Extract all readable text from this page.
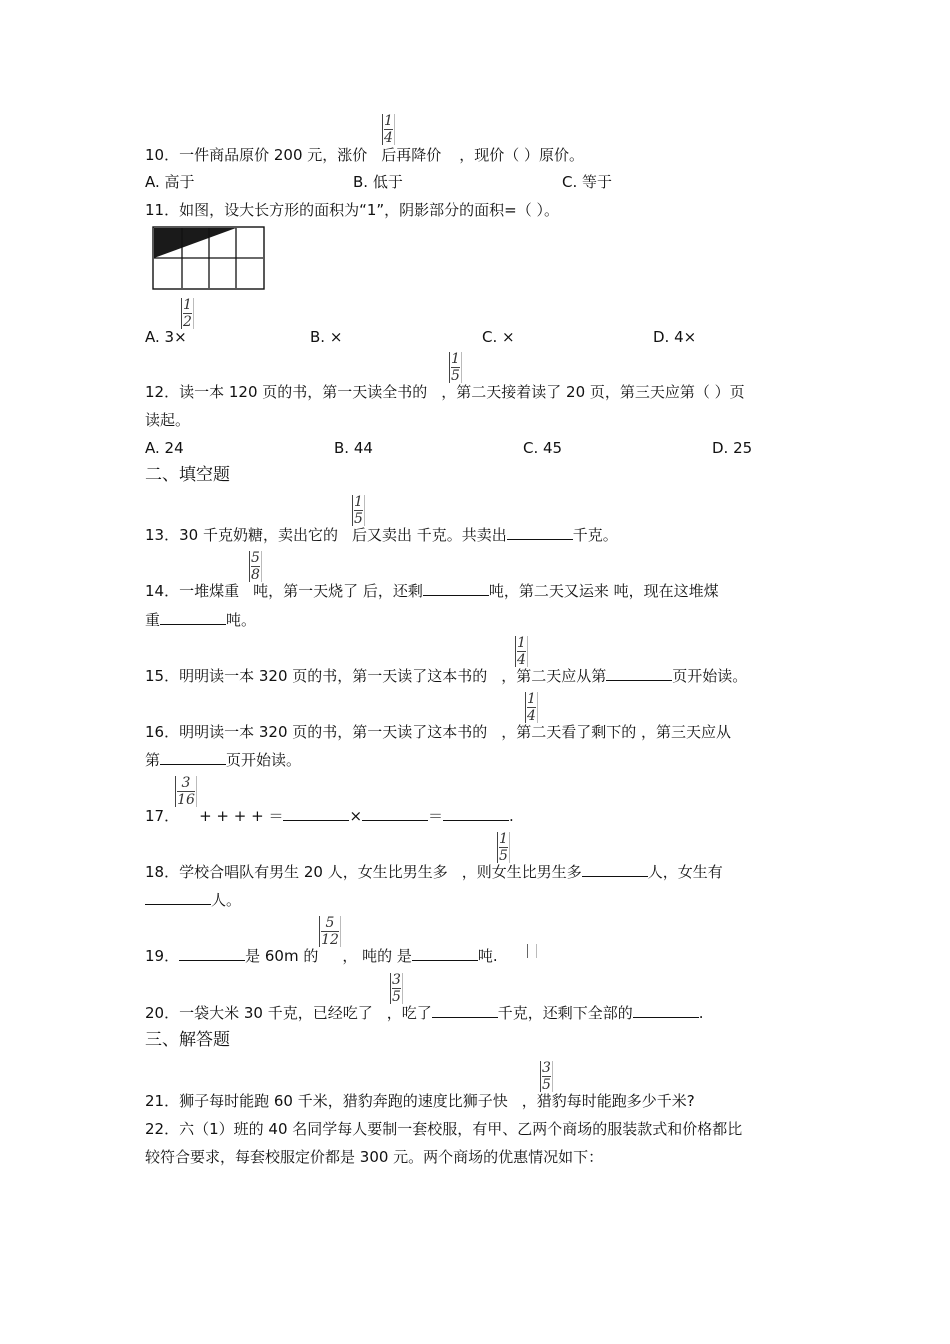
10．一件商品原价 200 元，涨价 后再降价 ，现价（ ）原价。
1
4
A. 高于	B. 低于	C. 等于
11．如图，设大长方形的面积为“1”，阴影部分的面积=（ ）。
1
2
A. 3×	B. ×	C. ×	D. 4×
12．读一本 120 页的书，第一天读全书的 ，第二天接着读了 20 页，第三天应第（ ）页
1
5
读起。
A. 24	B. 44	C. 45	D. 25
二、填空题
13．30 千克奶糖，卖出它的 后又卖出 千克。共卖出	千克。
1
5
14．一堆煤重 吨，第一天烧了 后，还剩	吨，第二天又运来 吨，现在这堆煤
5
8
重	吨。
15．明明读一本 320 页的书，第一天读了这本书的 ，第二天应从第	页开始读。
1
4
16．明明读一本 320 页的书，第一天读了这本书的 ，第二天看了剩下的 ，第三天应从
1
4
第	页开始读。
17． + + + + ＝	×	＝	.
3
16
18．学校合唱队有男生 20 人，女生比男生多 ，则女生比男生多	人，女生有
1
5
人。
19．	是 60m 的 ， 吨的 是	吨.
5
12
20．一袋大米 30 千克，已经吃了 ，吃了	千克，还剩下全部的	.
3
5
三、解答题
21．狮子每时能跑 60 千米，猎豹奔跑的速度比狮子快 ，猎豹每时能跑多少千米?
3
5
22．六（1）班的 40 名同学每人要制一套校服，有甲、乙两个商场的服装款式和价格都比
较符合要求，每套校服定价都是 300 元。两个商场的优惠情况如下：
